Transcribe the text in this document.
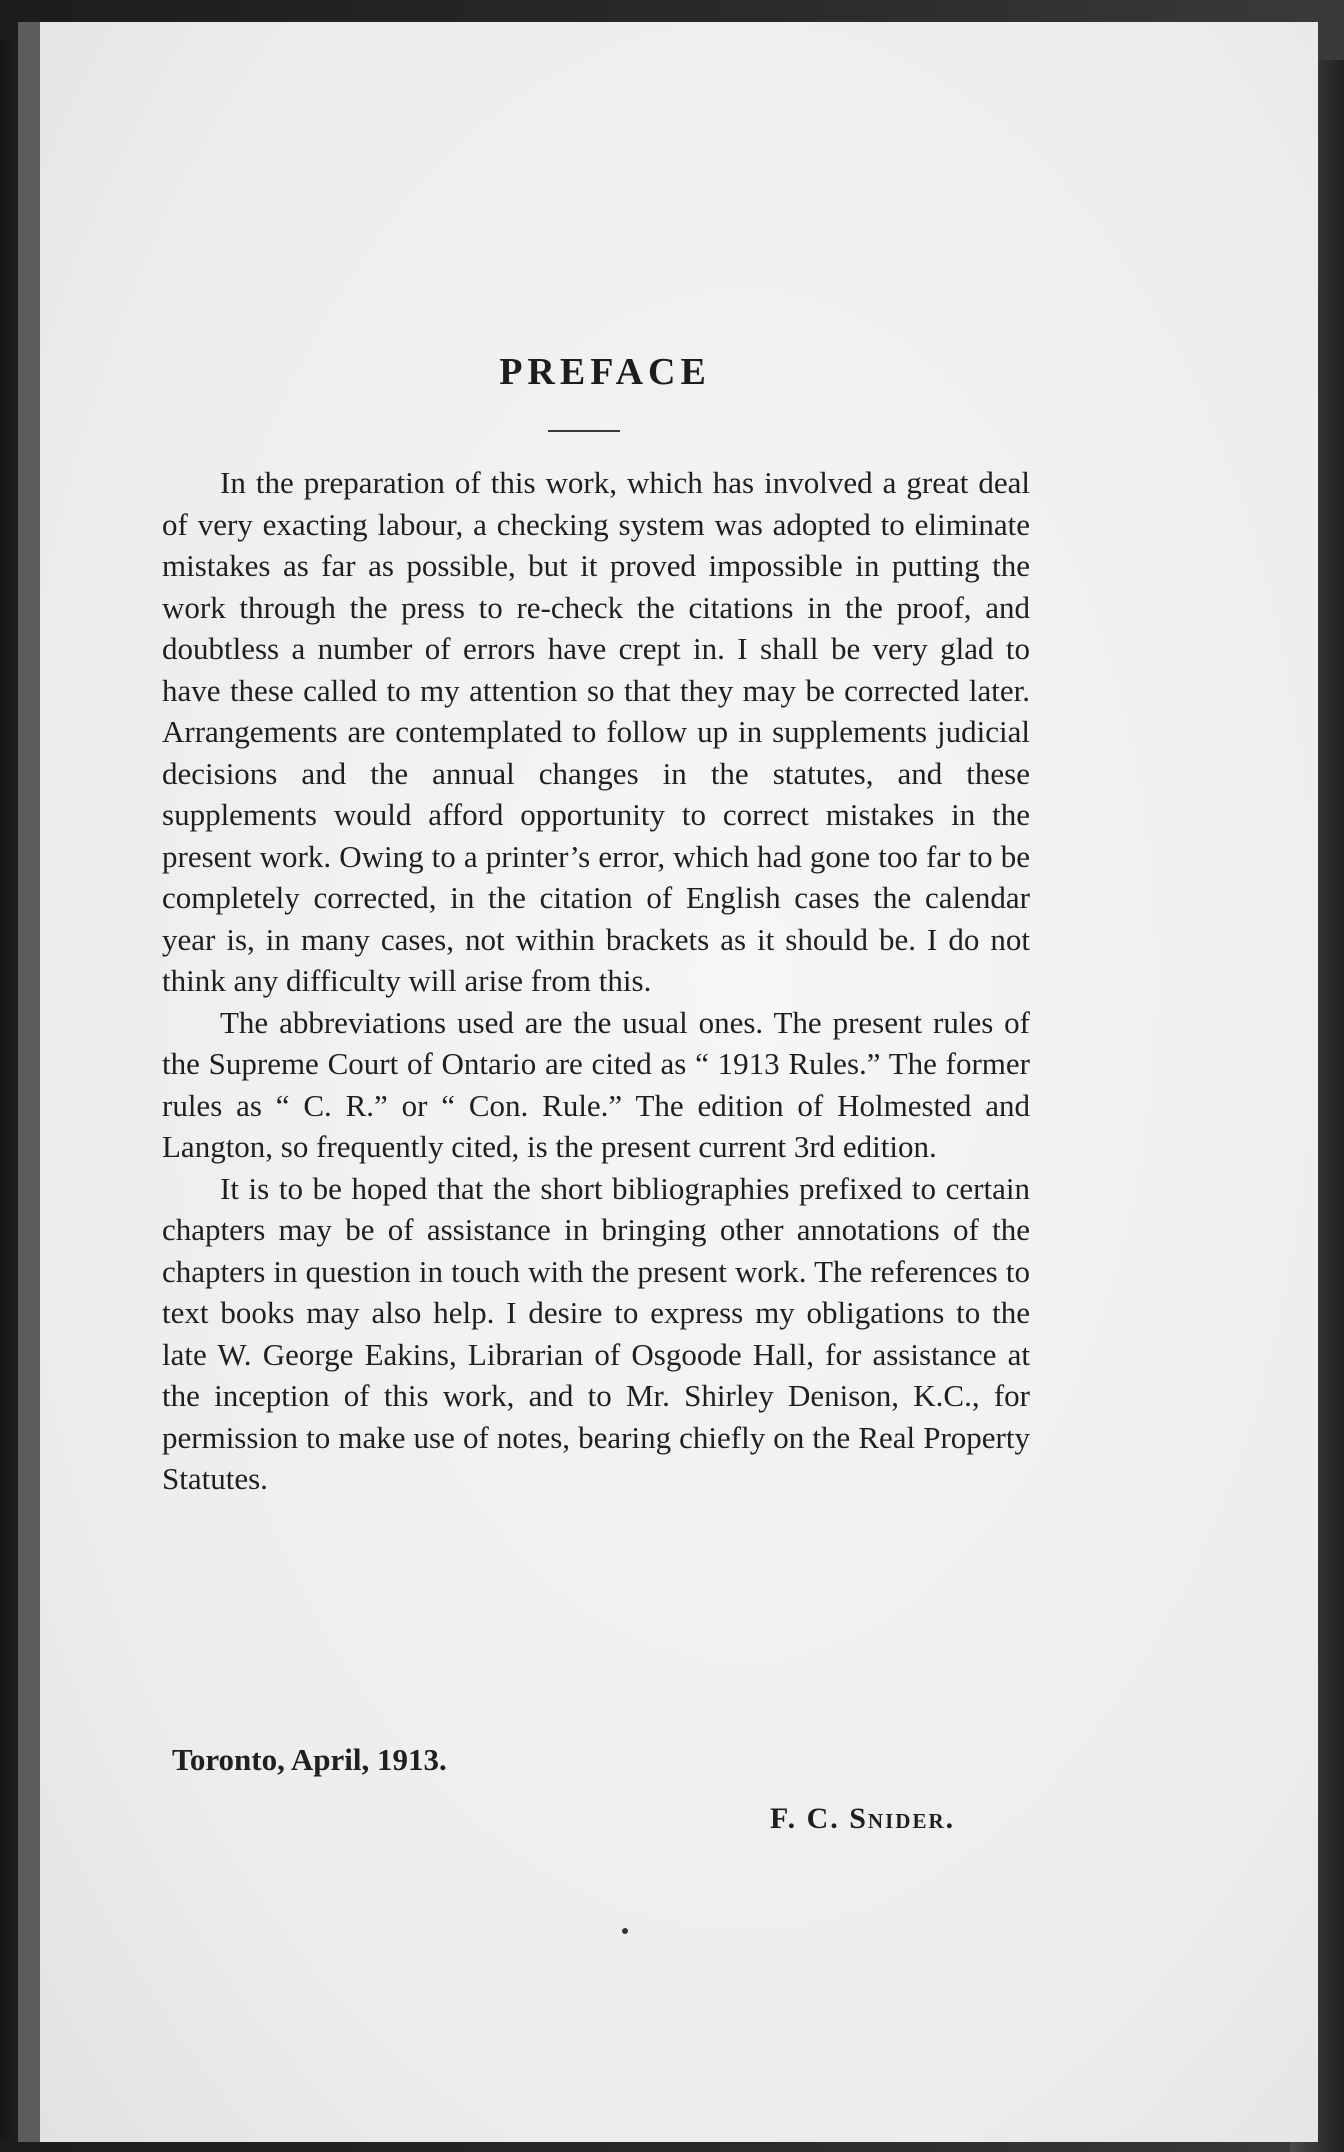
PREFACE

In the preparation of this work, which has involved a great deal of very exacting labour, a checking system was adopted to eliminate mistakes as far as possible, but it proved impossible in putting the work through the press to re-check the citations in the proof, and doubtless a number of errors have crept in. I shall be very glad to have these called to my attention so that they may be corrected later. Arrangements are contemplated to follow up in supplements judicial decisions and the annual changes in the statutes, and these supplements would afford opportunity to correct mistakes in the present work. Owing to a printer’s error, which had gone too far to be completely corrected, in the citation of English cases the calendar year is, in many cases, not within brackets as it should be. I do not think any difficulty will arise from this.

The abbreviations used are the usual ones. The present rules of the Supreme Court of Ontario are cited as “ 1913 Rules.” The former rules as “ C. R.” or “ Con. Rule.” The edition of Holmested and Langton, so frequently cited, is the present current 3rd edition.

It is to be hoped that the short bibliographies prefixed to certain chapters may be of assistance in bringing other annotations of the chapters in question in touch with the present work. The references to text books may also help. I desire to express my obligations to the late W. George Eakins, Librarian of Osgoode Hall, for assistance at the inception of this work, and to Mr. Shirley Denison, K.C., for permission to make use of notes, bearing chiefly on the Real Property Statutes.

Toronto, April, 1913.
F. C. Snider.
